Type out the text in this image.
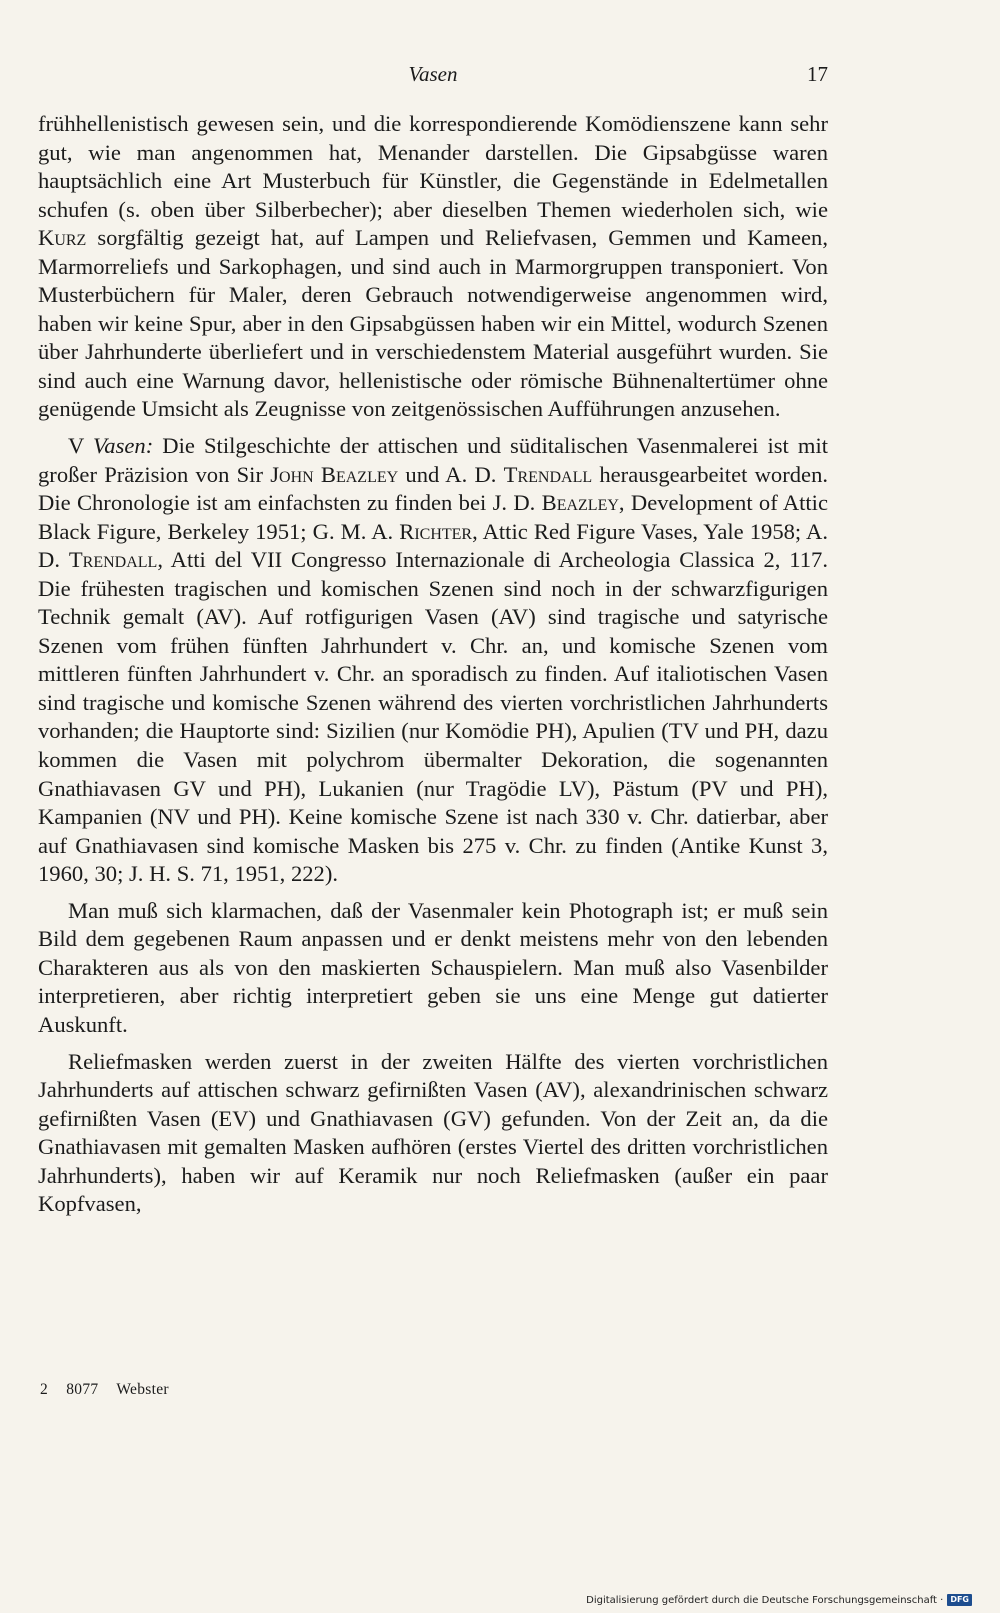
Vasen	17

frühhellenistisch gewesen sein, und die korrespondierende Komödienszene kann sehr gut, wie man angenommen hat, Menander darstellen. Die Gipsabgüsse waren hauptsächlich eine Art Musterbuch für Künstler, die Gegenstände in Edelmetallen schufen (s. oben über Silberbecher); aber dieselben Themen wiederholen sich, wie Kurz sorgfältig gezeigt hat, auf Lampen und Reliefvasen, Gemmen und Kameen, Marmorreliefs und Sarkophagen, und sind auch in Marmorgruppen transponiert. Von Musterbüchern für Maler, deren Gebrauch notwendigerweise angenommen wird, haben wir keine Spur, aber in den Gipsabgüssen haben wir ein Mittel, wodurch Szenen über Jahrhunderte überliefert und in verschiedenstem Material ausgeführt wurden. Sie sind auch eine Warnung davor, hellenistische oder römische Bühnenaltertümer ohne genügende Umsicht als Zeugnisse von zeitgenössischen Aufführungen anzusehen.

V Vasen: Die Stilgeschichte der attischen und süditalischen Vasenmalerei ist mit großer Präzision von Sir John Beazley und A. D. Trendall herausgearbeitet worden. Die Chronologie ist am einfachsten zu finden bei J. D. Beazley, Development of Attic Black Figure, Berkeley 1951; G. M. A. Richter, Attic Red Figure Vases, Yale 1958; A. D. Trendall, Atti del VII Congresso Internazionale di Archeologia Classica 2, 117. Die frühesten tragischen und komischen Szenen sind noch in der schwarzfigurigen Technik gemalt (AV). Auf rotfigurigen Vasen (AV) sind tragische und satyrische Szenen vom frühen fünften Jahrhundert v. Chr. an, und komische Szenen vom mittleren fünften Jahrhundert v. Chr. an sporadisch zu finden. Auf italiotischen Vasen sind tragische und komische Szenen während des vierten vorchristlichen Jahrhunderts vorhanden; die Hauptorte sind: Sizilien (nur Komödie PH), Apulien (TV und PH, dazu kommen die Vasen mit polychrom übermalter Dekoration, die sogenannten Gnathiavasen GV und PH), Lukanien (nur Tragödie LV), Pästum (PV und PH), Kampanien (NV und PH). Keine komische Szene ist nach 330 v. Chr. datierbar, aber auf Gnathiavasen sind komische Masken bis 275 v. Chr. zu finden (Antike Kunst 3, 1960, 30; J. H. S. 71, 1951, 222).

Man muß sich klarmachen, daß der Vasenmaler kein Photograph ist; er muß sein Bild dem gegebenen Raum anpassen und er denkt meistens mehr von den lebenden Charakteren aus als von den maskierten Schauspielern. Man muß also Vasenbilder interpretieren, aber richtig interpretiert geben sie uns eine Menge gut datierter Auskunft.

Reliefmasken werden zuerst in der zweiten Hälfte des vierten vorchristlichen Jahrhunderts auf attischen schwarz gefirnißten Vasen (AV), alexandrinischen schwarz gefirnißten Vasen (EV) und Gnathiavasen (GV) gefunden. Von der Zeit an, da die Gnathiavasen mit gemalten Masken aufhören (erstes Viertel des dritten vorchristlichen Jahrhunderts), haben wir auf Keramik nur noch Reliefmasken (außer ein paar Kopfvasen,

2 8077 Webster
Digitalisierung gefördert durch die Deutsche Forschungsgemeinschaft · DFG
